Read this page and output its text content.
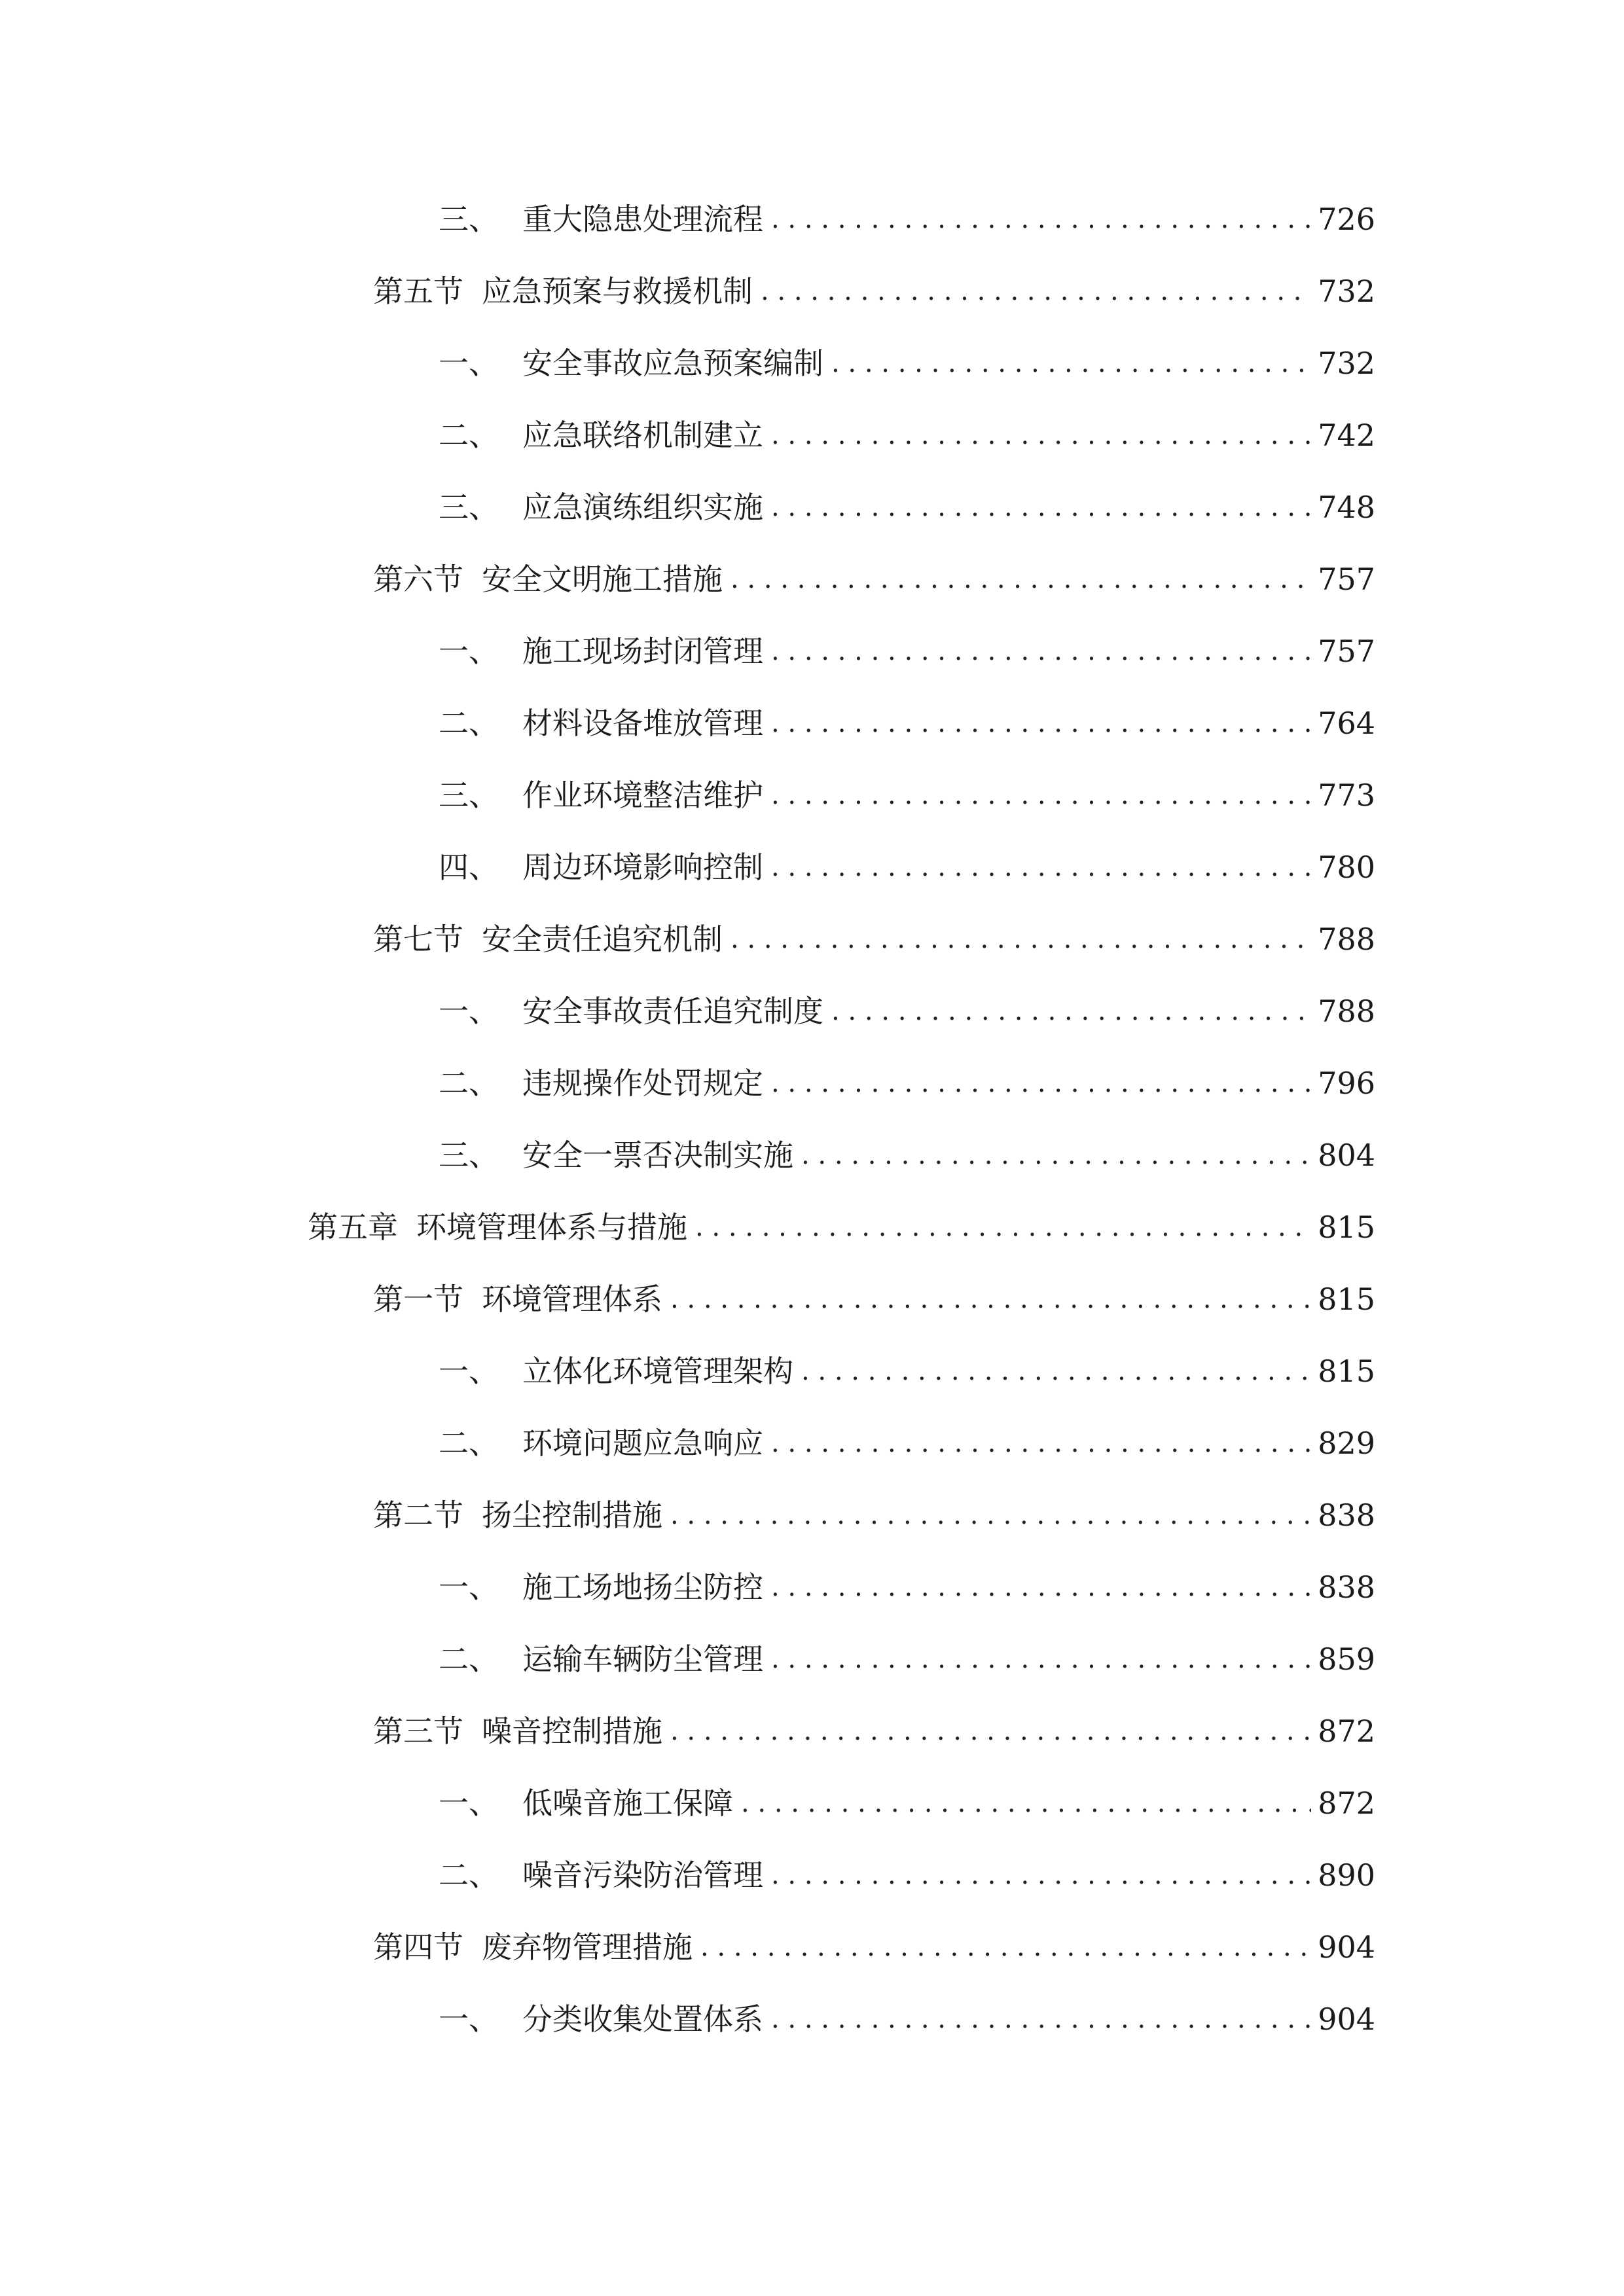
三、 重大隐患处理流程 . . .	726
第五节 应急预案与救援机制 . . .	732
一、 安全事故应急预案编制 . . .	732
二、 应急联络机制建立 . . .	742
三、 应急演练组织实施 . . .	748
第六节 安全文明施工措施 . . .	757
一、 施工现场封闭管理 . . .	757
二、 材料设备堆放管理 . . .	764
三、 作业环境整洁维护 . . .	773
四、 周边环境影响控制 . . .	780
第七节 安全责任追究机制 . . .	788
一、 安全事故责任追究制度 . . .	788
二、 违规操作处罚规定 . . .	796
三、 安全一票否决制实施 . . .	804
第五章 环境管理体系与措施 . . .	815
第一节 环境管理体系 . . .	815
一、 立体化环境管理架构 . . .	815
二、 环境问题应急响应 . . .	829
第二节 扬尘控制措施 . . .	838
一、 施工场地扬尘防控 . . .	838
二、 运输车辆防尘管理 . . .	859
第三节 噪音控制措施 . . .	872
一、 低噪音施工保障 . . .	872
二、 噪音污染防治管理 . . .	890
第四节 废弃物管理措施 . . .	904
一、 分类收集处置体系 . . .	904
